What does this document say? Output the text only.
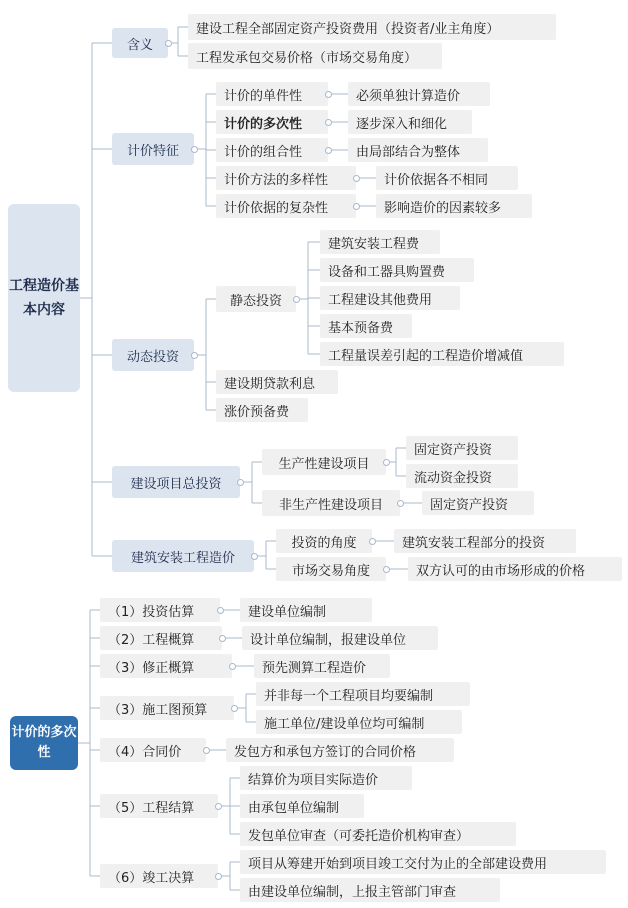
工程造价基本内容
含义
建设工程全部固定资产投资费用（投资者/业主角度）
工程发承包交易价格（市场交易角度）
计价特征
计价的单件性
计价的多次性
计价的组合性
计价方法的多样性
计价依据的复杂性
必须单独计算造价
逐步深入和细化
由局部结合为整体
计价依据各不相同
影响造价的因素较多
动态投资
静态投资
建筑安装工程费
设备和工器具购置费
工程建设其他费用
基本预备费
工程量误差引起的工程造价增减值
建设期贷款利息
涨价预备费
建设项目总投资
生产性建设项目
固定资产投资
流动资金投资
非生产性建设项目	固定资产投资
建筑安装工程造价
投资的角度	建筑安装工程部分的投资
市场交易角度	双方认可的由市场形成的价格
计价的多次性
（1）投资估算	建设单位编制
（2）工程概算	设计单位编制，报建设单位
（3）修正概算	预先测算工程造价
（3）施工图预算
并非每一个工程项目均要编制
施工单位/建设单位均可编制
（4）合同价	发包方和承包方签订的合同价格
（5）工程结算
结算价为项目实际造价
由承包单位编制
发包单位审查（可委托造价机构审查）
（6）竣工决算
项目从筹建开始到项目竣工交付为止的全部建设费用
由建设单位编制，上报主管部门审查
